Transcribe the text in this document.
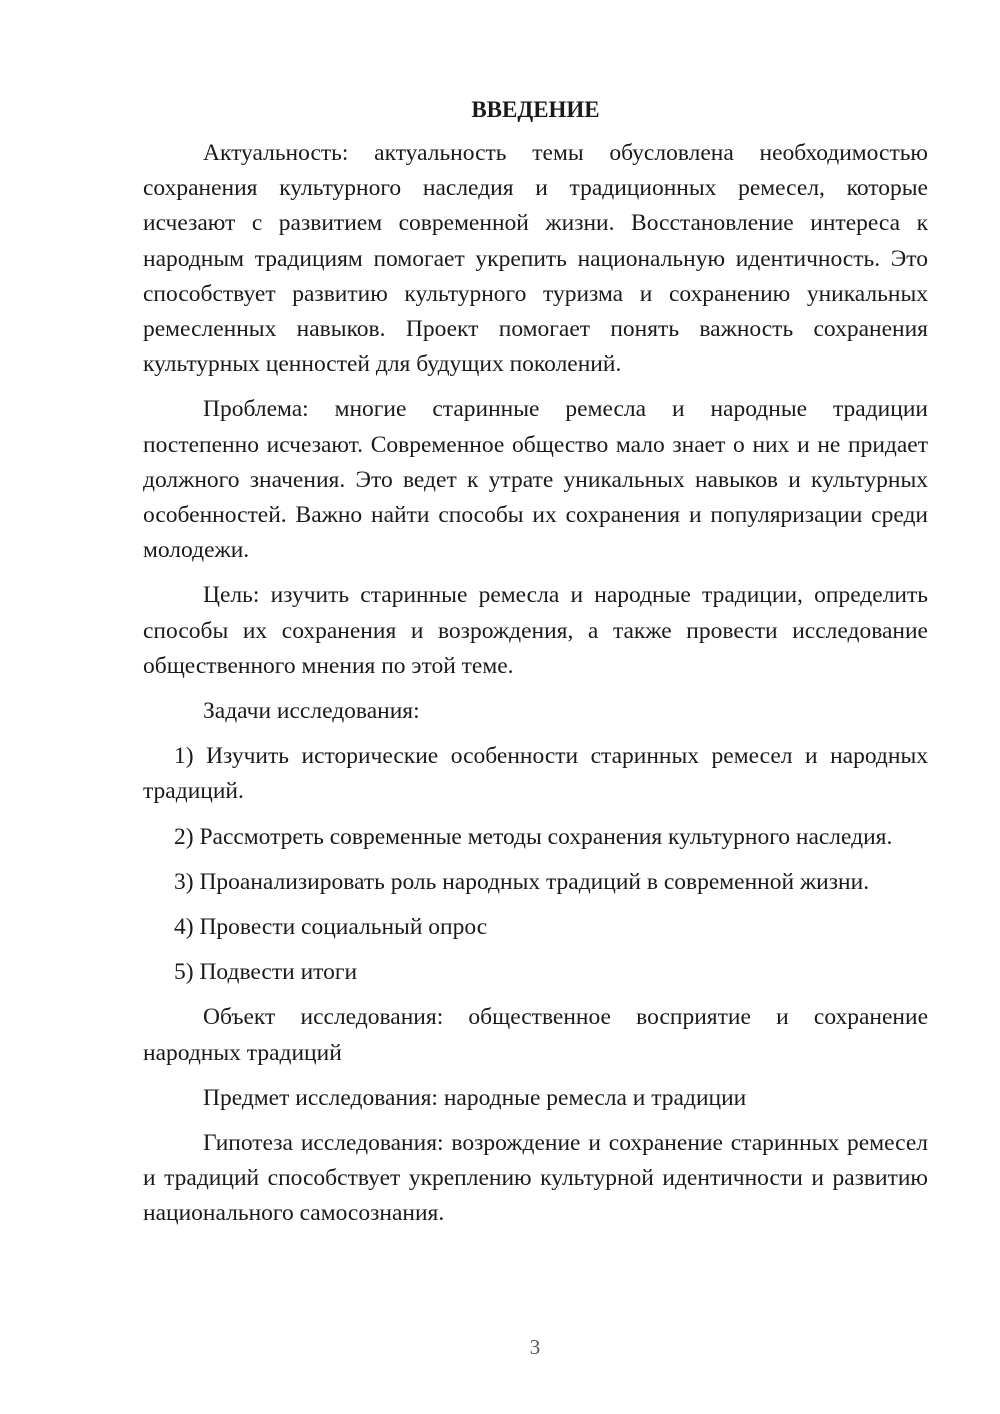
ВВЕДЕНИЕ

Актуальность: актуальность темы обусловлена необходимостью сохранения культурного наследия и традиционных ремесел, которые исчезают с развитием современной жизни. Восстановление интереса к народным традициям помогает укрепить национальную идентичность. Это способствует развитию культурного туризма и сохранению уникальных ремесленных навыков. Проект помогает понять важность сохранения культурных ценностей для будущих поколений.

Проблема: многие старинные ремесла и народные традиции постепенно исчезают. Современное общество мало знает о них и не придает должного значения. Это ведет к утрате уникальных навыков и культурных особенностей. Важно найти способы их сохранения и популяризации среди молодежи.

Цель: изучить старинные ремесла и народные традиции, определить способы их сохранения и возрождения, а также провести исследование общественного мнения по этой теме.

Задачи исследования:

1) Изучить исторические особенности старинных ремесел и народных традиций.

2) Рассмотреть современные методы сохранения культурного наследия.

3) Проанализировать роль народных традиций в современной жизни.

4) Провести социальный опрос

5) Подвести итоги

Объект исследования: общественное восприятие и сохранение народных традиций

Предмет исследования: народные ремесла и традиции

Гипотеза исследования: возрождение и сохранение старинных ремесел и традиций способствует укреплению культурной идентичности и развитию национального самосознания.

3
